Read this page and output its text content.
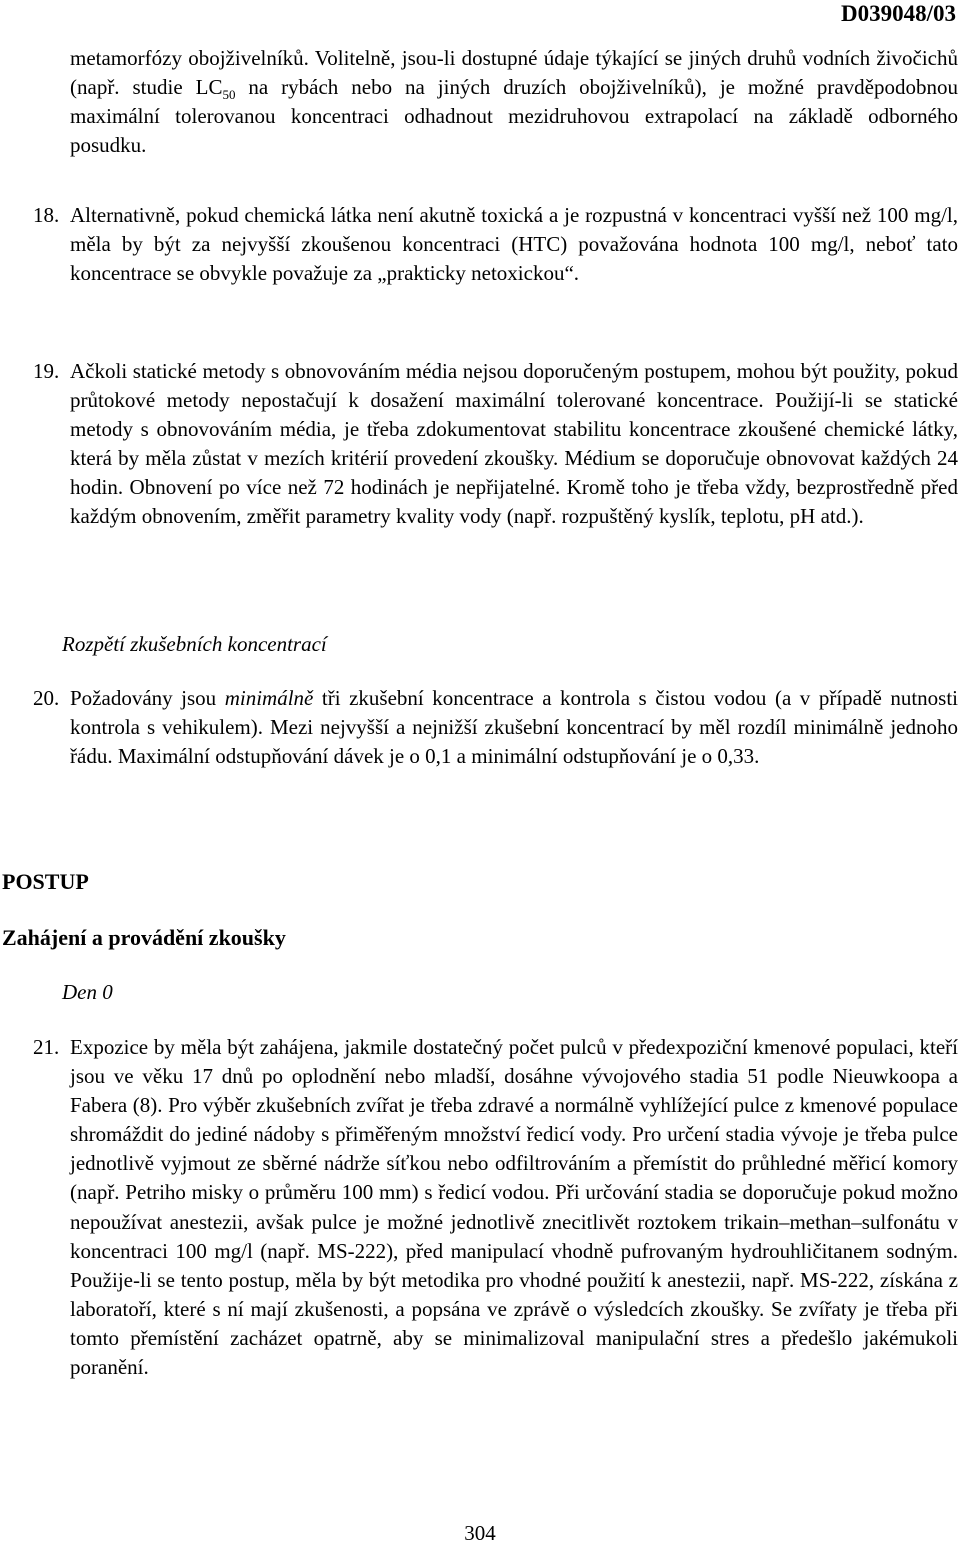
D039048/03
metamorfózy obojživelníků. Volitelně, jsou-li dostupné údaje týkající se jiných druhů vodních živočichů (např. studie $LC_{50}$ na rybách nebo na jiných druzích obojživelníků), je možné pravděpodobnou maximální tolerovanou koncentraci odhadnout mezidruhovou extrapolací na základě odborného posudku.
18. Alternativně, pokud chemická látka není akutně toxická a je rozpustná v koncentraci vyšší než 100 mg/l, měla by být za nejvyšší zkoušenou koncentraci (HTC) považována hodnota 100 mg/l, neboť tato koncentrace se obvykle považuje za „prakticky netoxickou“.
19. Ačkoli statické metody s obnovováním média nejsou doporučeným postupem, mohou být použity, pokud průtokové metody nepostačují k dosažení maximální tolerované koncentrace. Použijí-li se statické metody s obnovováním média, je třeba zdokumentovat stabilitu koncentrace zkoušené chemické látky, která by měla zůstat v mezích kritérií provedení zkoušky. Médium se doporučuje obnovovat každých 24 hodin. Obnovení po více než 72 hodinách je nepřijatelné. Kromě toho je třeba vždy, bezprostředně před každým obnovením, změřit parametry kvality vody (např. rozpuštěný kyslík, teplotu, pH atd.).
Rozpětí zkušebních koncentrací
20. Požadovány jsou minimálně tři zkušební koncentrace a kontrola s čistou vodou (a v případě nutnosti kontrola s vehikulem). Mezi nejvyšší a nejnižší zkušební koncentrací by měl rozdíl minimálně jednoho řádu. Maximální odstupňování dávek je o 0,1 a minimální odstupňování je o 0,33.
POSTUP
Zahájení a provádění zkoušky
Den 0
21. Expozice by měla být zahájena, jakmile dostatečný počet pulců v předexpoziční kmenové populaci, kteří jsou ve věku 17 dnů po oplodnění nebo mladší, dosáhne vývojového stadia 51 podle Nieuwkoopa a Fabera (8). Pro výběr zkušebních zvířat je třeba zdravé a normálně vyhlížející pulce z kmenové populace shromáždit do jediné nádoby s přiměřeným množství ředicí vody. Pro určení stadia vývoje je třeba pulce jednotlivě vyjmout ze sběrné nádrže síťkou nebo odfiltrováním a přemístit do průhledné měřicí komory (např. Petriho misky o průměru 100 mm) s ředicí vodou. Při určování stadia se doporučuje pokud možno nepoužívat anestezii, avšak pulce je možné jednotlivě znecitlivět roztokem trikain–methan–sulfonátu v koncentraci 100 mg/l (např. MS-222), před manipulací vhodně pufrovaným hydrouhličitanem sodným. Použije-li se tento postup, měla by být metodika pro vhodné použití k anestezii, např. MS-222, získána z laboratoří, které s ní mají zkušenosti, a popsána ve zprávě o výsledcích zkoušky. Se zvířaty je třeba při tomto přemístění zacházet opatrně, aby se minimalizoval manipulační stres a předešlo jakémukoli poranění.
304
